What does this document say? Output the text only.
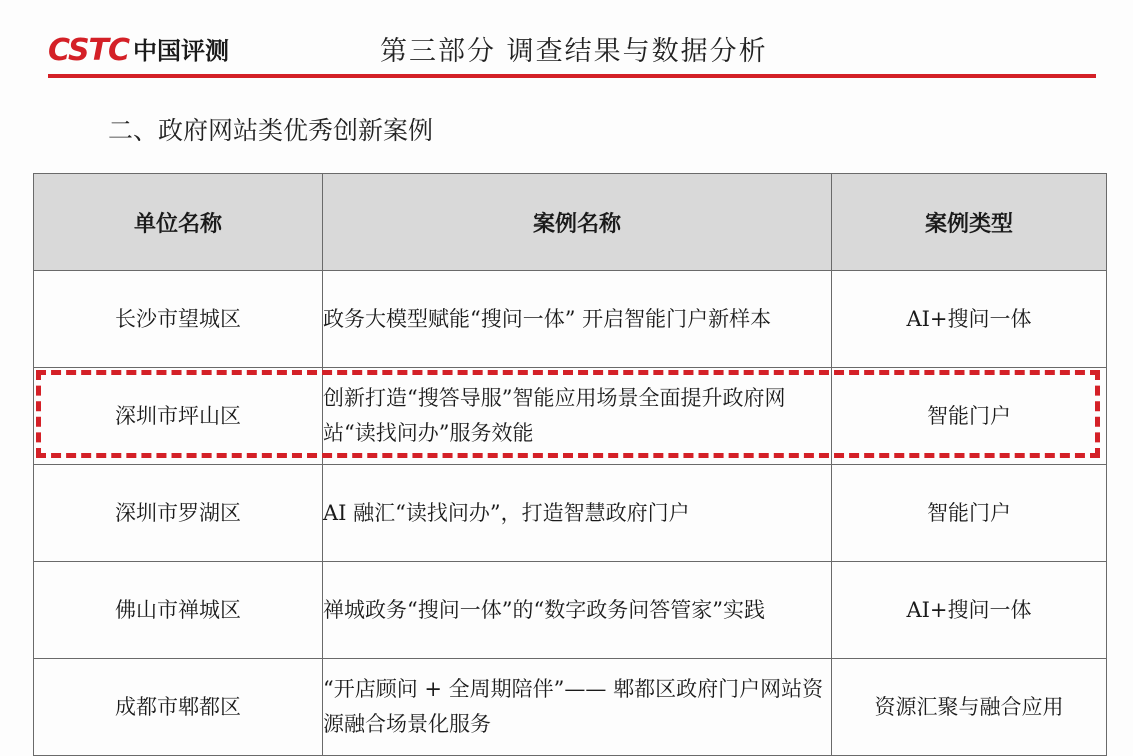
CSTC 中国评测	第三部分 调查结果与数据分析
二、政府网站类优秀创新案例
单位名称	案例名称	案例类型
长沙市望城区	政务大模型赋能“搜问一体” 开启智能门户新样本	AI+搜问一体
深圳市坪山区	创新打造“搜答导服”智能应用场景全面提升政府网站“读找问办”服务效能	智能门户
深圳市罗湖区	AI 融汇“读找问办”，打造智慧政府门户	智能门户
佛山市禅城区	禅城政务“搜问一体”的“数字政务问答管家”实践	AI+搜问一体
成都市郫都区	“开店顾问 + 全周期陪伴”—— 郫都区政府门户网站资源融合场景化服务	资源汇聚与融合应用
